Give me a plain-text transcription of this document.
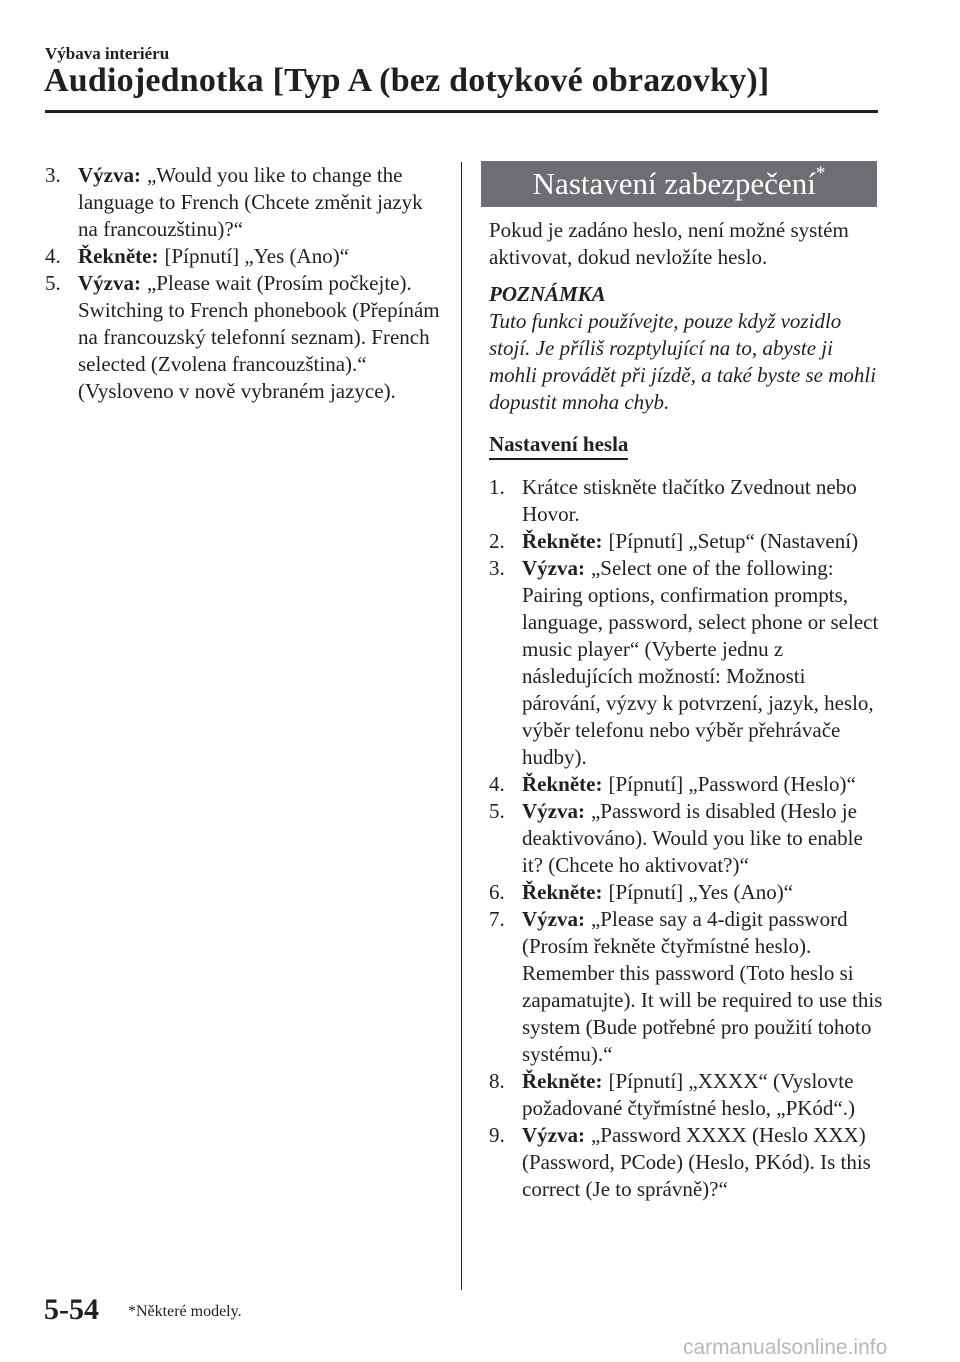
Výbava interiéru
Audiojednotka [Typ A (bez dotykové obrazovky)]
3. Výzva: „Would you like to change the language to French (Chcete změnit jazyk na francouzštinu)?“
4. Řekněte: [Pípnutí] „Yes (Ano)“
5. Výzva: „Please wait (Prosím počkejte). Switching to French phonebook (Přepínám na francouzský telefonní seznam). French selected (Zvolena francouzština).“ (Vysloveno v nově vybraném jazyce).
Nastavení zabezpečení*

Pokud je zadáno heslo, není možné systém aktivovat, dokud nevložíte heslo.

POZNÁMKA

Tuto funkci používejte, pouze když vozidlo stojí. Je příliš rozptylující na to, abyste ji mohli provádět při jízdě, a také byste se mohli dopustit mnoha chyb.

Nastavení hesla
1. Krátce stiskněte tlačítko Zvednout nebo Hovor.
2. Řekněte: [Pípnutí] „Setup“ (Nastavení)
3. Výzva: „Select one of the following: Pairing options, confirmation prompts, language, password, select phone or select music player“ (Vyberte jednu z následujících možností: Možnosti párování, výzvy k potvrzení, jazyk, heslo, výběr telefonu nebo výběr přehrávače hudby).
4. Řekněte: [Pípnutí] „Password (Heslo)“
5. Výzva: „Password is disabled (Heslo je deaktivováno). Would you like to enable it? (Chcete ho aktivovat?)“
6. Řekněte: [Pípnutí] „Yes (Ano)“
7. Výzva: „Please say a 4-digit password (Prosím řekněte čtyřmístné heslo). Remember this password (Toto heslo si zapamatujte). It will be required to use this system (Bude potřebné pro použití tohoto systému).“
8. Řekněte: [Pípnutí] „XXXX“ (Vyslovte požadované čtyřmístné heslo, „PKód“.)
9. Výzva: „Password XXXX (Heslo XXX) (Password, PCode) (Heslo, PKód). Is this correct (Je to správně)?“
5-54 *Některé modely.
carmanualsonline.info
